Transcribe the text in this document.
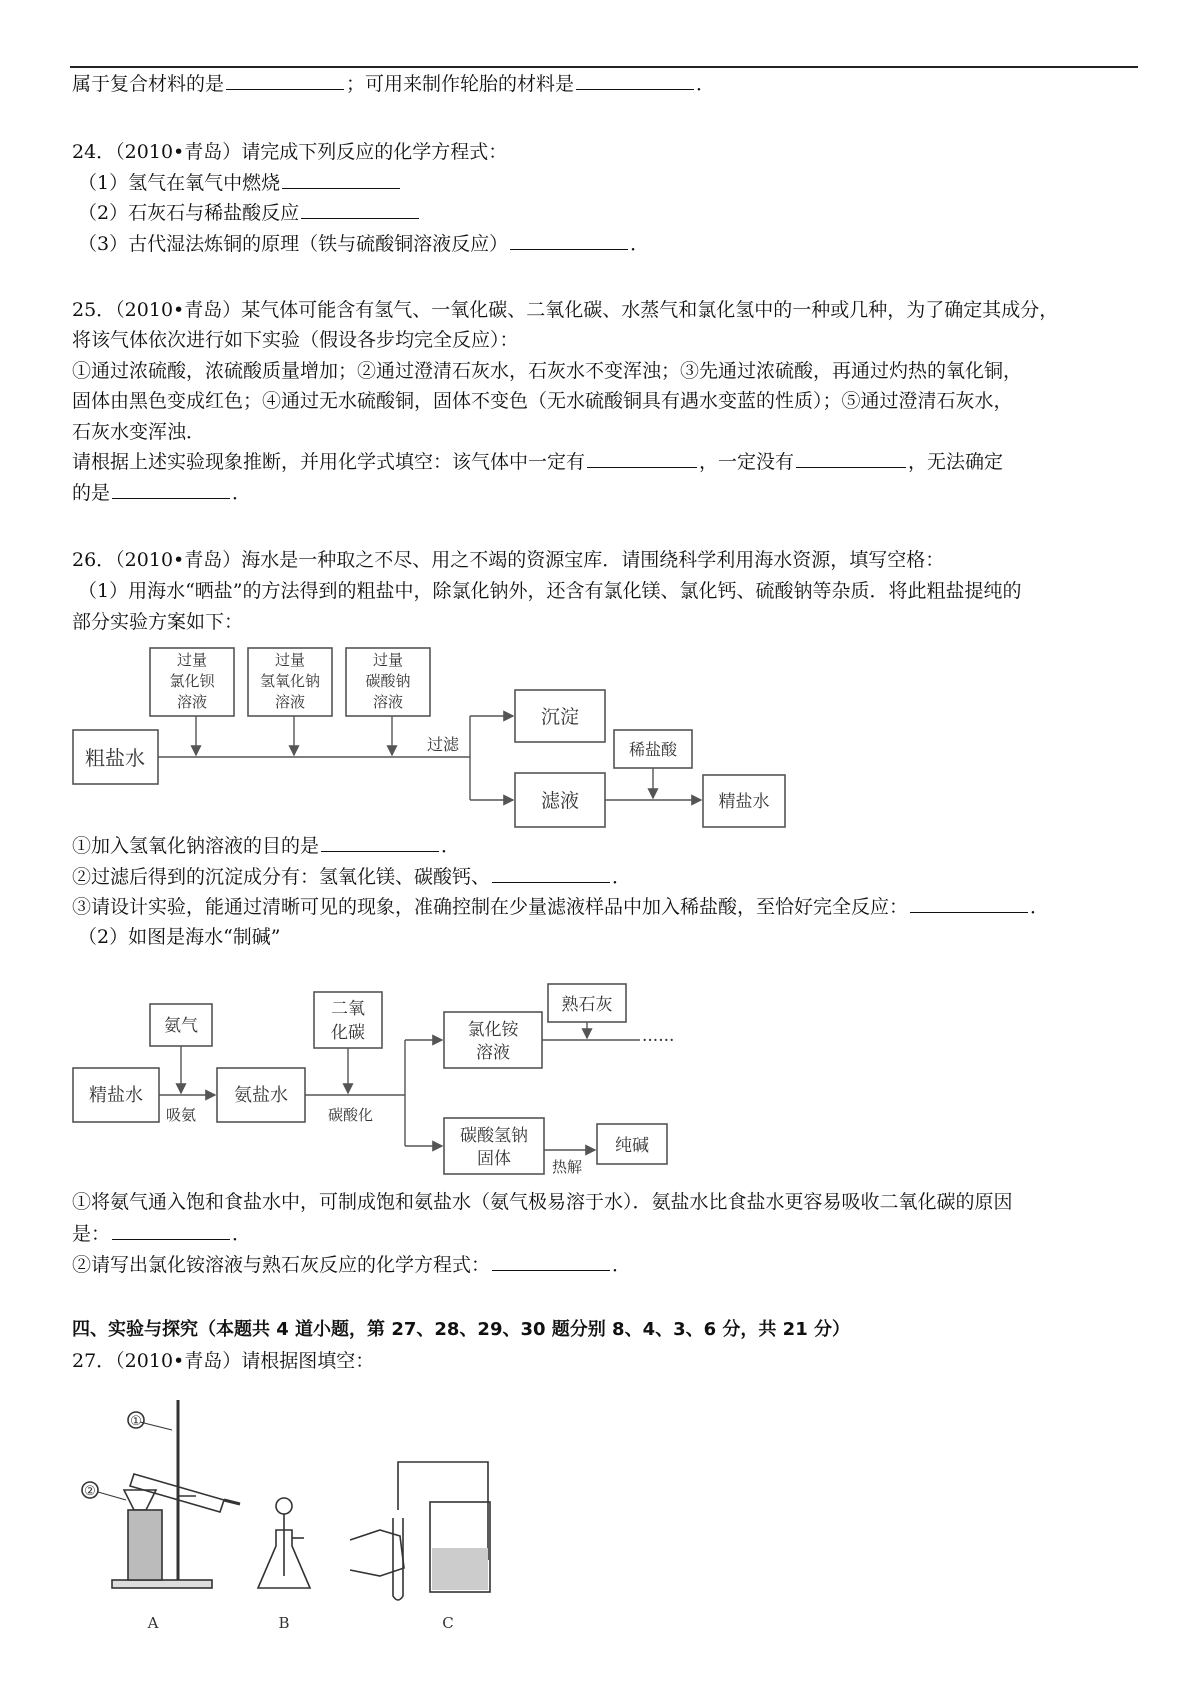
属于复合材料的是	；可用来制作轮胎的材料是	．
24．（2010•青岛）请完成下列反应的化学方程式：
（1）氢气在氧气中燃烧
（2）石灰石与稀盐酸反应
（3）古代湿法炼铜的原理（铁与硫酸铜溶液反应）	．
25．（2010•青岛）某气体可能含有氢气、一氧化碳、二氧化碳、水蒸气和氯化氢中的一种或几种，为了确定其成分，
将该气体依次进行如下实验（假设各步均完全反应）：
①通过浓硫酸，浓硫酸质量增加；②通过澄清石灰水，石灰水不变浑浊；③先通过浓硫酸，再通过灼热的氧化铜，
固体由黑色变成红色；④通过无水硫酸铜，固体不变色（无水硫酸铜具有遇水变蓝的性质）；⑤通过澄清石灰水，
石灰水变浑浊．
请根据上述实验现象推断，并用化学式填空：该气体中一定有	，一定没有	，无法确定
的是	．
26．（2010•青岛）海水是一种取之不尽、用之不竭的资源宝库．请围绕科学利用海水资源，填写空格：
（1）用海水“晒盐”的方法得到的粗盐中，除氯化钠外，还含有氯化镁、氯化钙、硫酸钠等杂质．将此粗盐提纯的
部分实验方案如下：
过量
氯化钡
溶液
过量
氢氧化钠
溶液
过量
碳酸钠
溶液
粗盐水
过滤
沉淀
滤液
稀盐酸
精盐水
氨气
二氧
化碳
精盐水
吸氨
氨盐水
碳酸化
氯化铵
溶液
熟石灰
······
碳酸氢钠
固体	热解
纯碱
①
②
A	B	C
①加入氢氧化钠溶液的目的是	．
②过滤后得到的沉淀成分有：氢氧化镁、碳酸钙、	．
③请设计实验，能通过清晰可见的现象，准确控制在少量滤液样品中加入稀盐酸，至恰好完全反应：	．
（2）如图是海水“制碱”
①将氨气通入饱和食盐水中，可制成饱和氨盐水（氨气极易溶于水）．氨盐水比食盐水更容易吸收二氧化碳的原因
是：	．
②请写出氯化铵溶液与熟石灰反应的化学方程式：	．
四、实验与探究（本题共 4 道小题，第 27、28、29、30 题分别 8、4、3、6 分，共 21 分）
27．（2010•青岛）请根据图填空：
